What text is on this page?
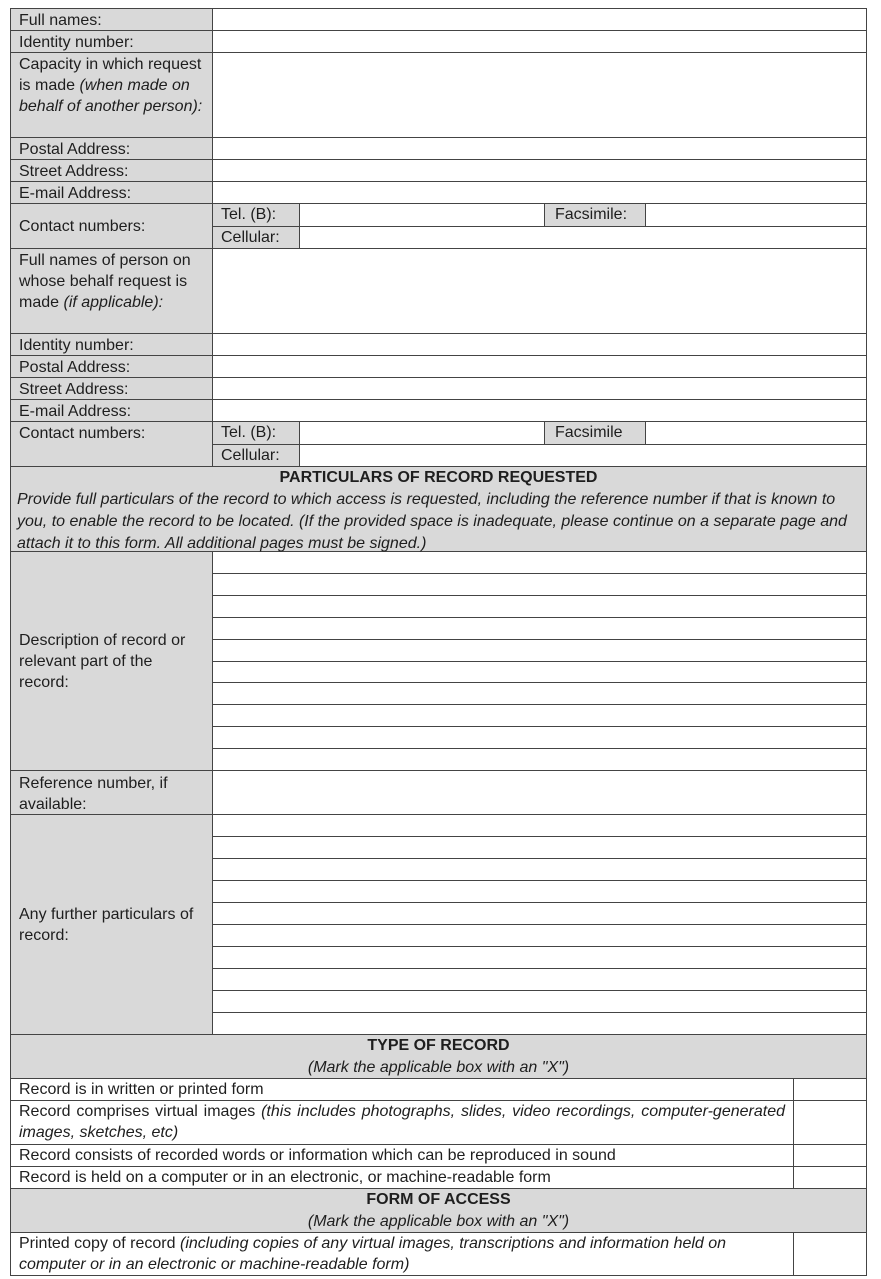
Full names:
Identity number:
Capacity in which request is made (when made on behalf of another person):
Postal Address:
Street Address:
E-mail Address:
Contact numbers:
Tel. (B):	Facsimile:
Cellular:
Full names of person on whose behalf request is made (if applicable):
Identity number:
Postal Address:
Street Address:
E-mail Address:
Contact numbers:	Tel. (B):	Facsimile
Cellular:
PARTICULARS OF RECORD REQUESTED
Provide full particulars of the record to which access is requested, including the reference number if that is known to you, to enable the record to be located. (If the provided space is inadequate, please continue on a separate page and attach it to this form. All additional pages must be signed.)
Description of record or relevant part of the record:
Reference number, if available:
Any further particulars of record:
TYPE OF RECORD
(Mark the applicable box with an "X")
Record is in written or printed form
Record comprises virtual images (this includes photographs, slides, video recordings, computer-generated images, sketches, etc)
Record consists of recorded words or information which can be reproduced in sound
Record is held on a computer or in an electronic, or machine-readable form
FORM OF ACCESS
(Mark the applicable box with an "X")
Printed copy of record (including copies of any virtual images, transcriptions and information held on computer or in an electronic or machine-readable form)
